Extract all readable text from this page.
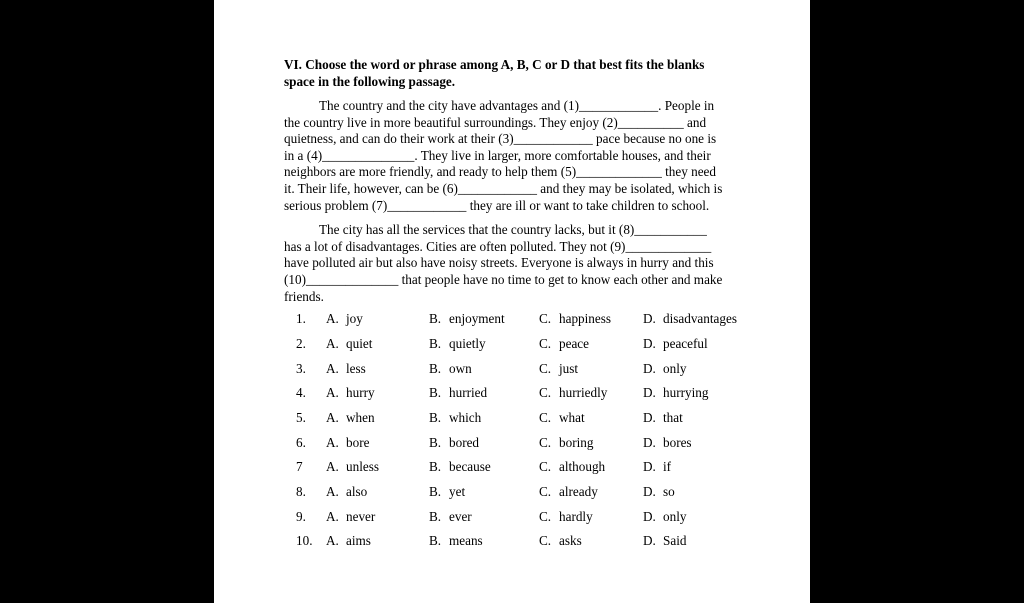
VI. Choose the word or phrase among A, B, C or D that best fits the blanks
space in the following passage.

The country and the city have advantages and (1)____________. People in
the country live in more beautiful surroundings. They enjoy (2)__________ and
quietness, and can do their work at their (3)____________ pace because no one is
in a (4)______________. They live in larger, more comfortable houses, and their
neighbors are more friendly, and ready to help them (5)_____________ they need
it. Their life, however, can be (6)____________ and they may be isolated, which is
serious problem (7)____________ they are ill or want to take children to school.

The city has all the services that the country lacks, but it (8)___________
has a lot of disadvantages. Cities are often polluted. They not (9)_____________
have polluted air but also have noisy streets. Everyone is always in hurry and this
(10)______________ that people have no time to get to know each other and make
friends.

1. A. joy	B. enjoyment	C. happiness D. disadvantages
2. A. quiet	B. quietly	C. peace	D. peaceful
3. A. less	B. own	C. just	D. only
4. A. hurry	B. hurried	C. hurriedly	D. hurrying
5. A. when	B. which	C. what	D. that
6. A. bore	B. bored	C. boring	D. bores
7 A. unless	B. because	C. although	D. if
8. A. also	B. yet	C. already	D. so
9. A. never	B. ever	C. hardly	D. only
10. A. aims	B. means	C. asks	D. Said
